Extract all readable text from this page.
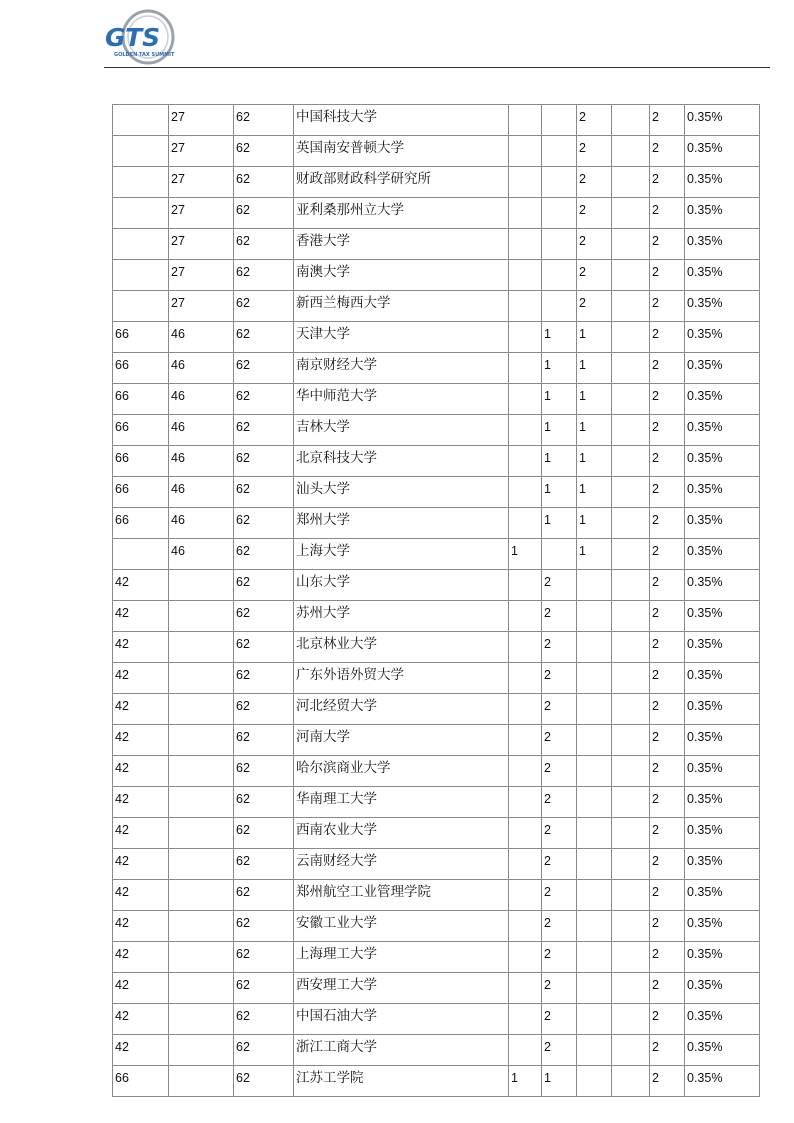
GTS
GOLDEN TAX SUMMIT
	27	62	中国科技大学			2		2	0.35%
	27	62	英国南安普顿大学			2		2	0.35%
	27	62	财政部财政科学研究所			2		2	0.35%
	27	62	亚利桑那州立大学			2		2	0.35%
	27	62	香港大学			2		2	0.35%
	27	62	南澳大学			2		2	0.35%
	27	62	新西兰梅西大学			2		2	0.35%
66	46	62	天津大学		1	1		2	0.35%
66	46	62	南京财经大学		1	1		2	0.35%
66	46	62	华中师范大学		1	1		2	0.35%
66	46	62	吉林大学		1	1		2	0.35%
66	46	62	北京科技大学		1	1		2	0.35%
66	46	62	汕头大学		1	1		2	0.35%
66	46	62	郑州大学		1	1		2	0.35%
	46	62	上海大学	1		1		2	0.35%
42		62	山东大学		2			2	0.35%
42		62	苏州大学		2			2	0.35%
42		62	北京林业大学		2			2	0.35%
42		62	广东外语外贸大学		2			2	0.35%
42		62	河北经贸大学		2			2	0.35%
42		62	河南大学		2			2	0.35%
42		62	哈尔滨商业大学		2			2	0.35%
42		62	华南理工大学		2			2	0.35%
42		62	西南农业大学		2			2	0.35%
42		62	云南财经大学		2			2	0.35%
42		62	郑州航空工业管理学院		2			2	0.35%
42		62	安徽工业大学		2			2	0.35%
42		62	上海理工大学		2			2	0.35%
42		62	西安理工大学		2			2	0.35%
42		62	中国石油大学		2			2	0.35%
42		62	浙江工商大学		2			2	0.35%
66		62	江苏工学院	1	1			2	0.35%
